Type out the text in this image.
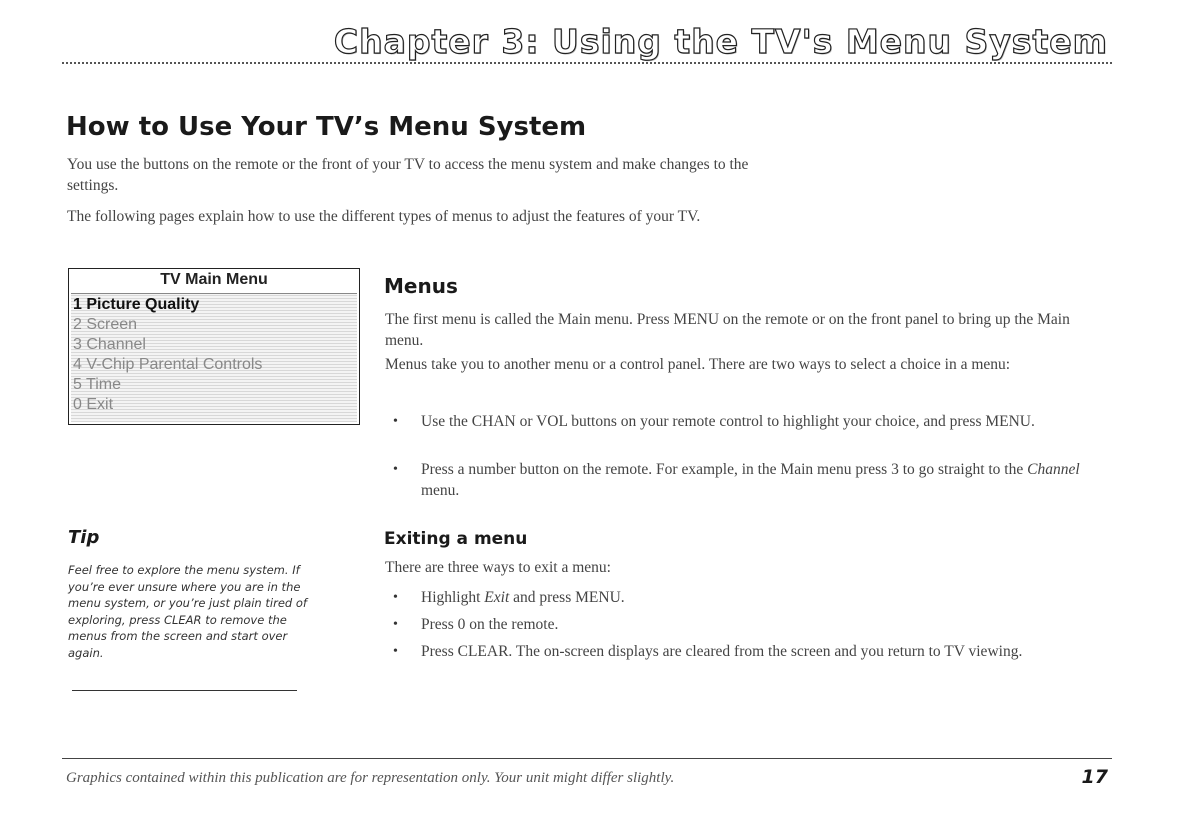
Chapter 3: Using the TV's Menu System
How to Use Your TV’s Menu System

You use the buttons on the remote or the front of your TV to access the menu system and make changes to the settings.

The following pages explain how to use the different types of menus to adjust the features of your TV.

TV Main Menu
1 Picture Quality
2 Screen
3 Channel
4 V-Chip Parental Controls
5 Time
0 Exit
Menus

The first menu is called the Main menu. Press MENU on the remote or on the front panel to bring up the Main menu.

Menus take you to another menu or a control panel. There are two ways to select a choice in a menu:

• Use the CHAN or VOL buttons on your remote control to highlight your choice, and press MENU.
• Press a number button on the remote. For example, in the Main menu press 3 to go straight to the Channel menu.
Tip

Feel free to explore the menu system. If you’re ever unsure where you are in the menu system, or you’re just plain tired of exploring, press CLEAR to remove the menus from the screen and start over again.

Exiting a menu

There are three ways to exit a menu:

• Highlight Exit and press MENU.
• Press 0 on the remote.
• Press CLEAR. The on-screen displays are cleared from the screen and you return to TV viewing.

Graphics contained within this publication are for representation only. Your unit might differ slightly.	17
